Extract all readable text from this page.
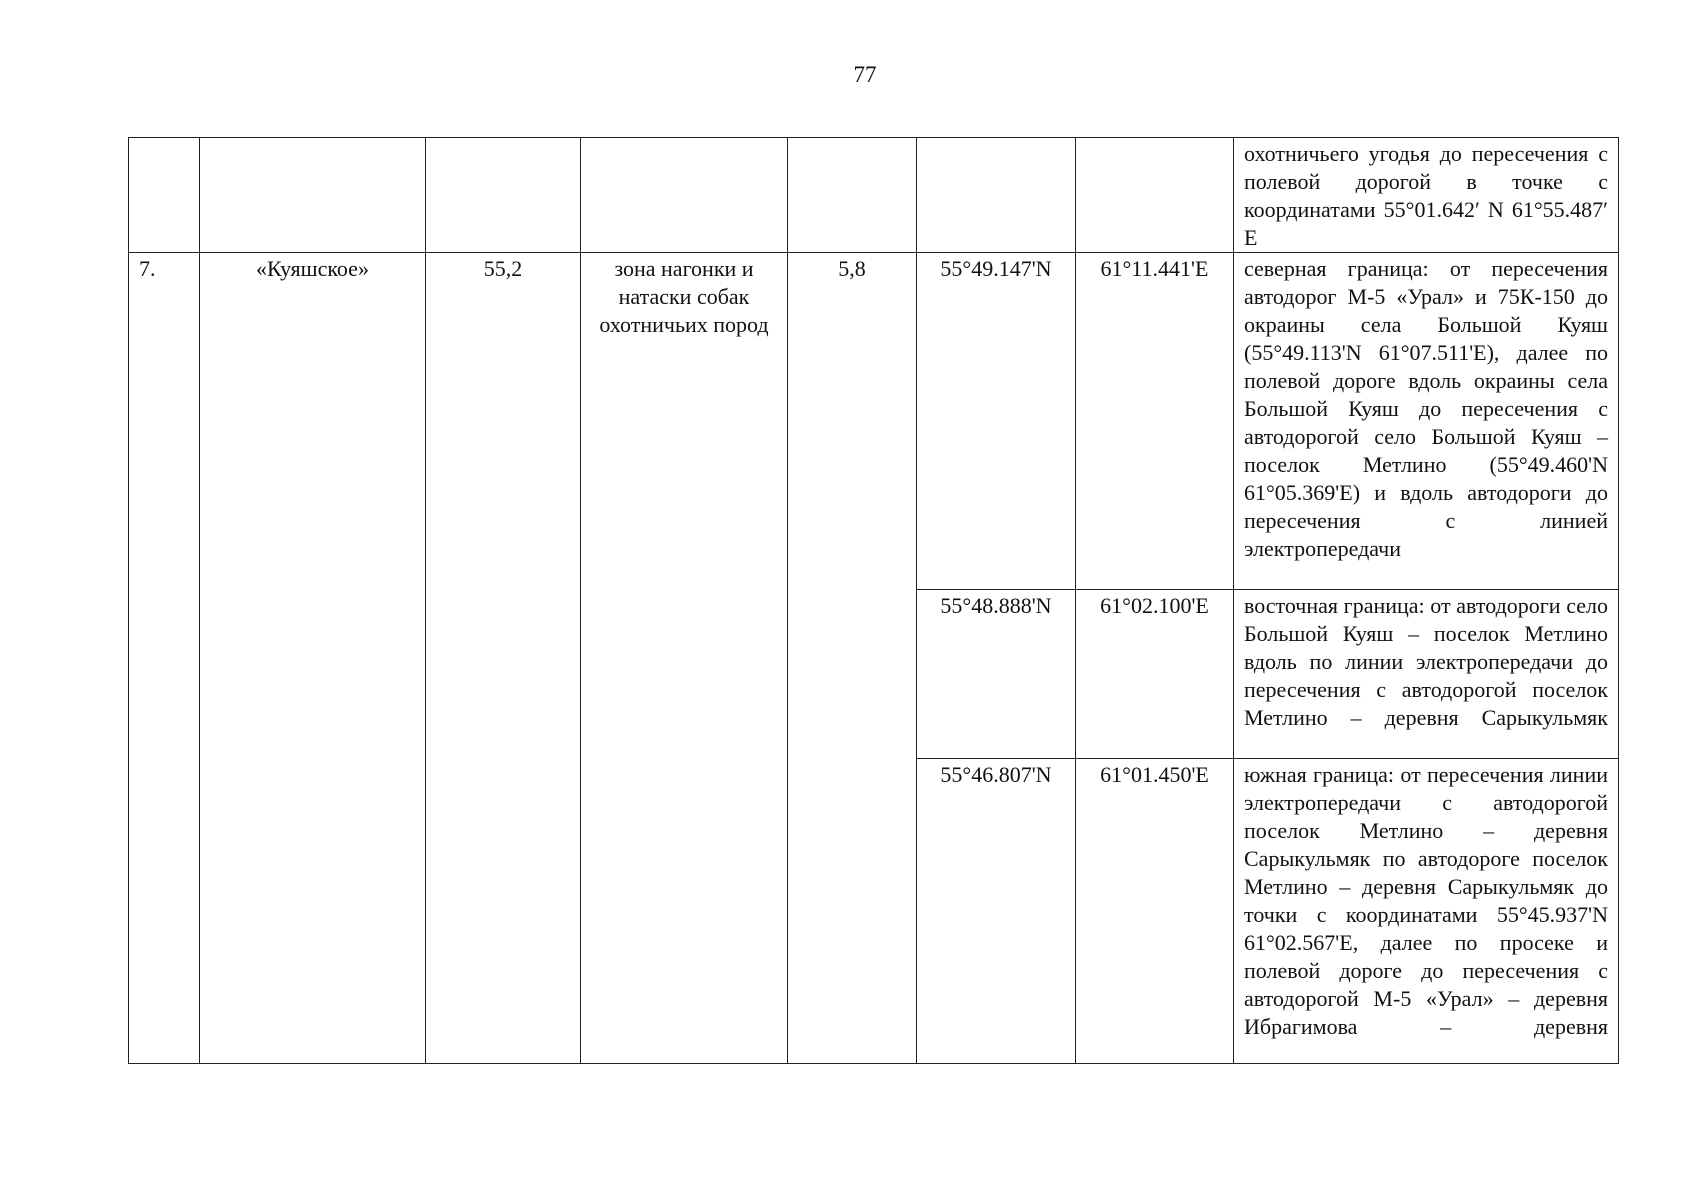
77
							охотничьего угодья до пересечения с полевой дорогой в точке с координатами 55°01.642′ N 61°55.487′ E
7.	«Куяшское»	55,2	зона нагонки и натаски собак охотничьих пород	5,8	55°49.147'N	61°11.441'E	северная граница: от пересечения автодорог М-5 «Урал» и 75К-150 до окраины села Большой Куяш (55°49.113'N 61°07.511'E), далее по полевой дороге вдоль окраины села Большой Куяш до пересечения с автодорогой село Большой Куяш – поселок Метлино (55°49.460'N 61°05.369'E) и вдоль автодороги до пересечения с линией электропередачи
					55°48.888'N	61°02.100'E	восточная граница: от автодороги село Большой Куяш – поселок Метлино вдоль по линии электропередачи до пересечения с автодорогой поселок Метлино – деревня Сарыкульмяк
					55°46.807'N	61°01.450'E	южная граница: от пересечения линии электропередачи с автодорогой поселок Метлино – деревня Сарыкульмяк по автодороге поселок Метлино – деревня Сарыкульмяк до точки с координатами 55°45.937'N 61°02.567'E, далее по просеке и полевой дороге до пересечения с автодорогой М-5 «Урал» – деревня Ибрагимова – деревня
